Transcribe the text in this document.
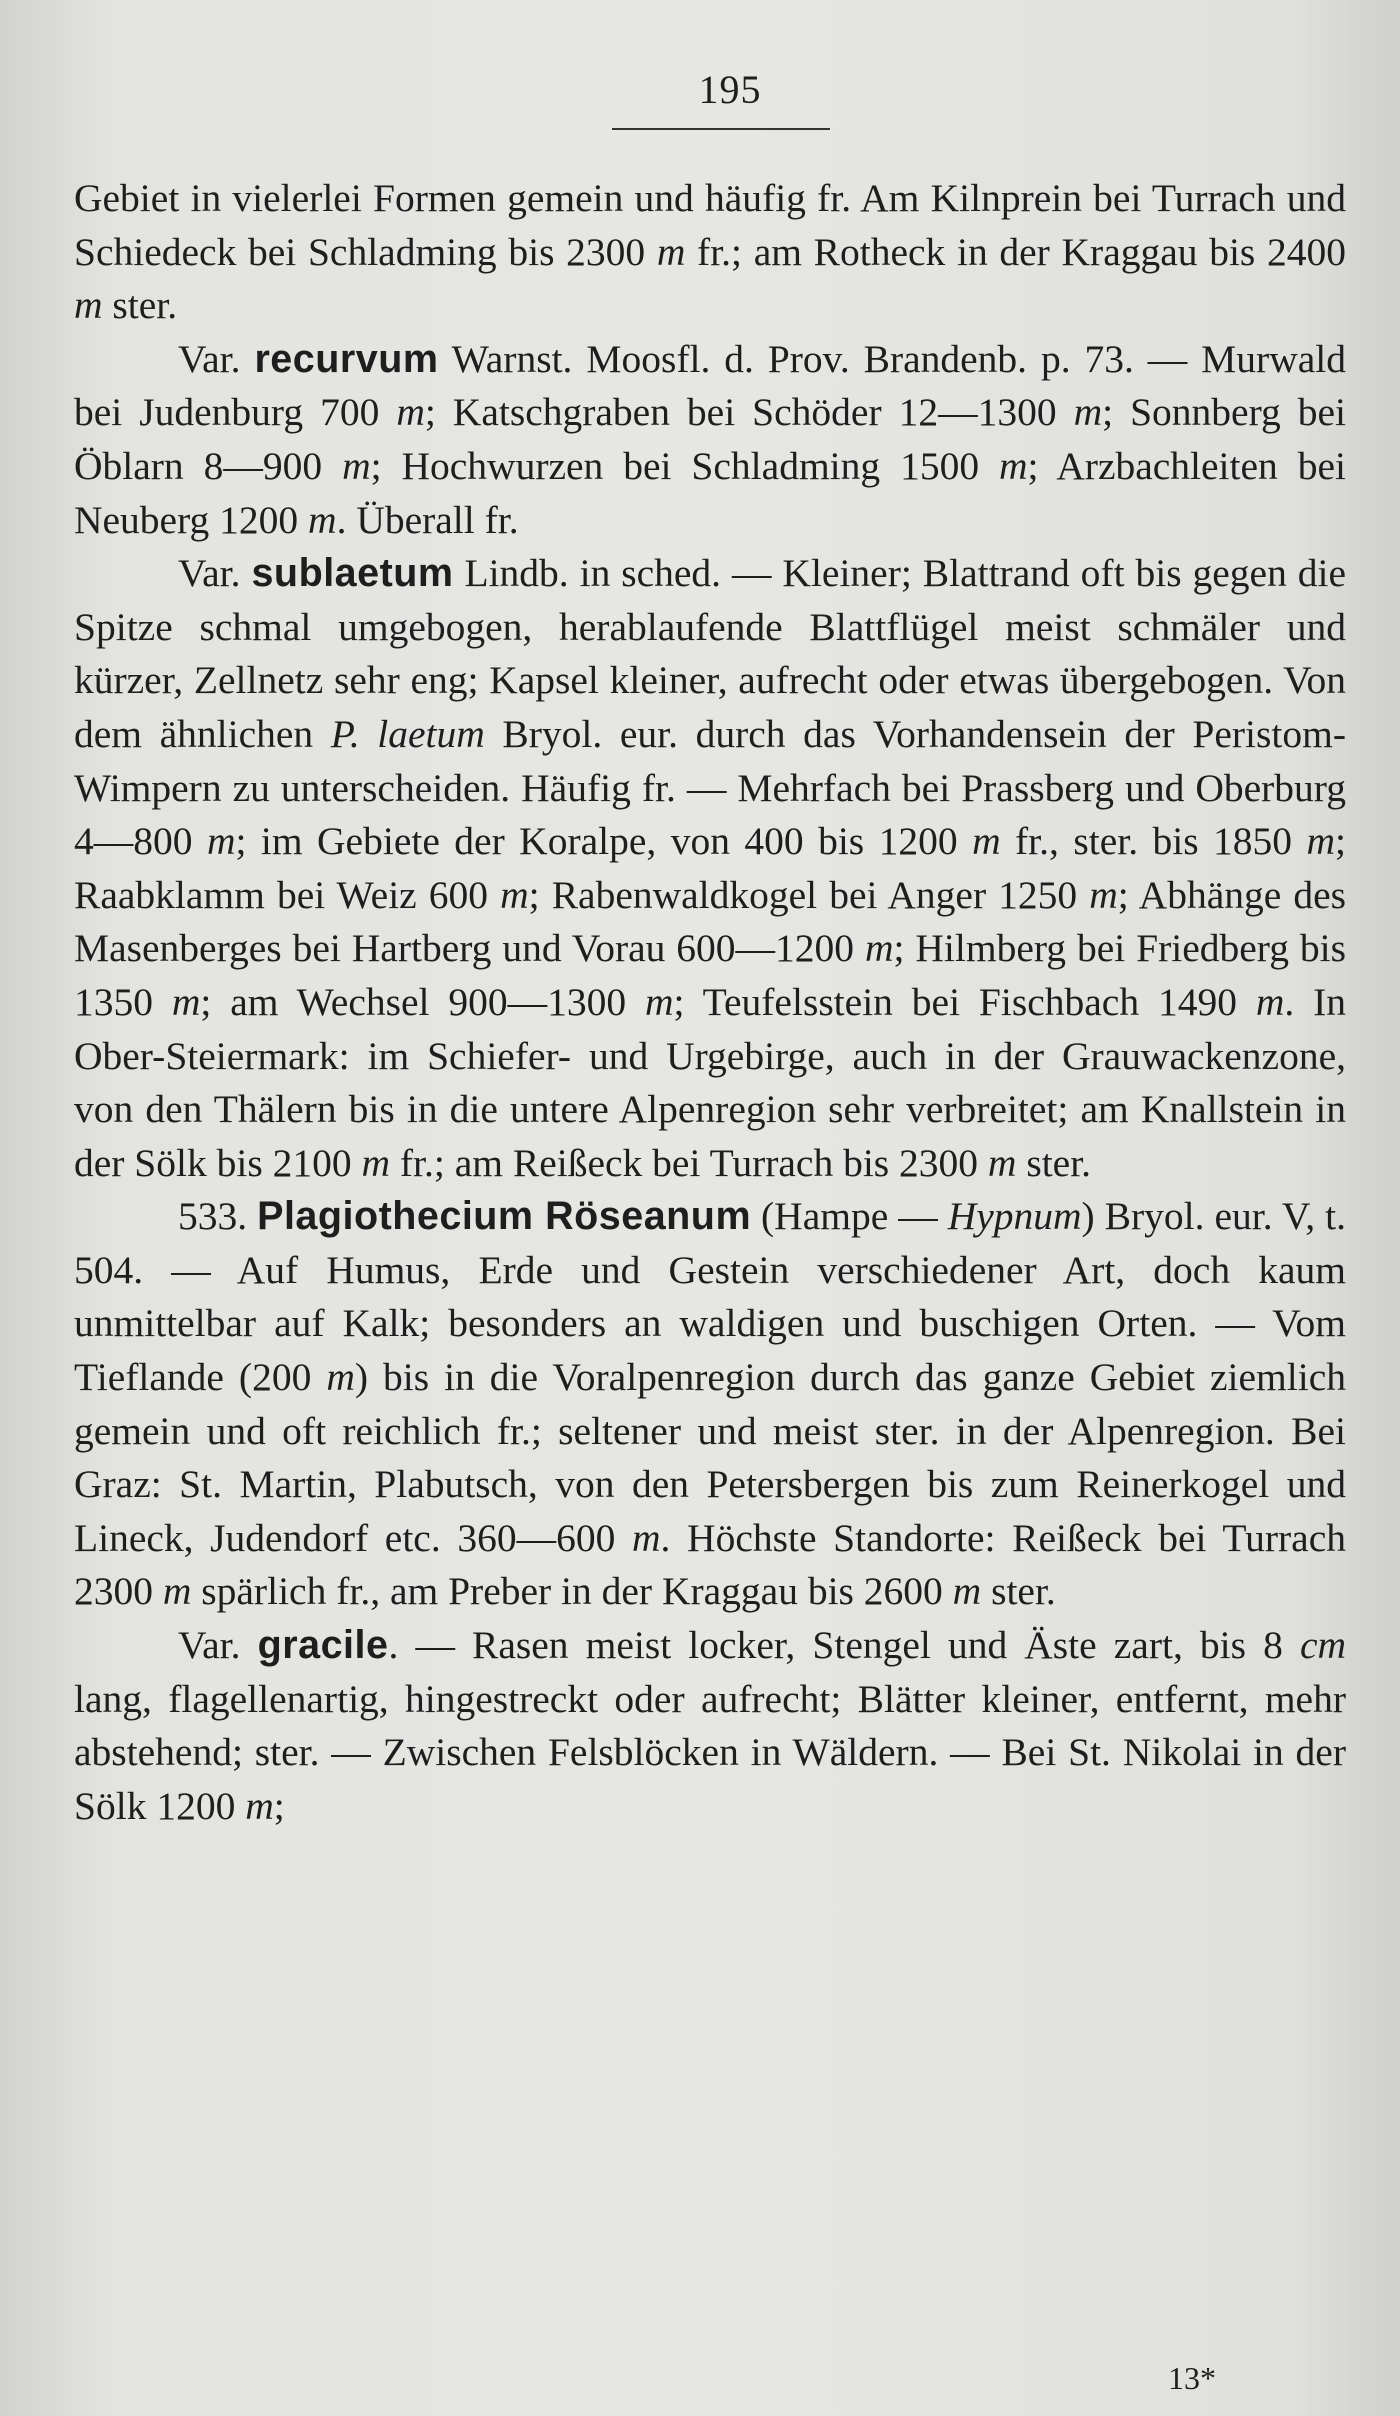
195

Gebiet in vielerlei Formen gemein und häufig fr. Am Kilnprein bei Turrach und Schiedeck bei Schladming bis 2300 m fr.; am Rotheck in der Kraggau bis 2400 m ster.

Var. recurvum Warnst. Moosfl. d. Prov. Brandenb. p. 73. — Murwald bei Judenburg 700 m; Katschgraben bei Schöder 12—1300 m; Sonnberg bei Öblarn 8—900 m; Hochwurzen bei Schladming 1500 m; Arzbachleiten bei Neuberg 1200 m. Überall fr.

Var. sublaetum Lindb. in sched. — Kleiner; Blattrand oft bis gegen die Spitze schmal umgebogen, herablaufende Blattflügel meist schmäler und kürzer, Zellnetz sehr eng; Kapsel kleiner, aufrecht oder etwas übergebogen. Von dem ähnlichen P. laetum Bryol. eur. durch das Vorhandensein der Peristom-Wimpern zu unterscheiden. Häufig fr. — Mehrfach bei Prassberg und Oberburg 4—800 m; im Gebiete der Koralpe, von 400 bis 1200 m fr., ster. bis 1850 m; Raabklamm bei Weiz 600 m; Rabenwaldkogel bei Anger 1250 m; Abhänge des Masenberges bei Hartberg und Vorau 600—1200 m; Hilmberg bei Friedberg bis 1350 m; am Wechsel 900—1300 m; Teufelsstein bei Fischbach 1490 m. In Ober-Steiermark: im Schiefer- und Urgebirge, auch in der Grauwackenzone, von den Thälern bis in die untere Alpenregion sehr verbreitet; am Knallstein in der Sölk bis 2100 m fr.; am Reißeck bei Turrach bis 2300 m ster.

533. Plagiothecium Röseanum (Hampe — Hypnum) Bryol. eur. V, t. 504. — Auf Humus, Erde und Gestein verschiedener Art, doch kaum unmittelbar auf Kalk; besonders an waldigen und buschigen Orten. — Vom Tieflande (200 m) bis in die Voralpenregion durch das ganze Gebiet ziemlich gemein und oft reichlich fr.; seltener und meist ster. in der Alpenregion. Bei Graz: St. Martin, Plabutsch, von den Petersbergen bis zum Reinerkogel und Lineck, Judendorf etc. 360—600 m. Höchste Standorte: Reißeck bei Turrach 2300 m spärlich fr., am Preber in der Kraggau bis 2600 m ster.

Var. gracile. — Rasen meist locker, Stengel und Äste zart, bis 8 cm lang, flagellenartig, hingestreckt oder aufrecht; Blätter kleiner, entfernt, mehr abstehend; ster. — Zwischen Felsblöcken in Wäldern. — Bei St. Nikolai in der Sölk 1200 m;

13*
